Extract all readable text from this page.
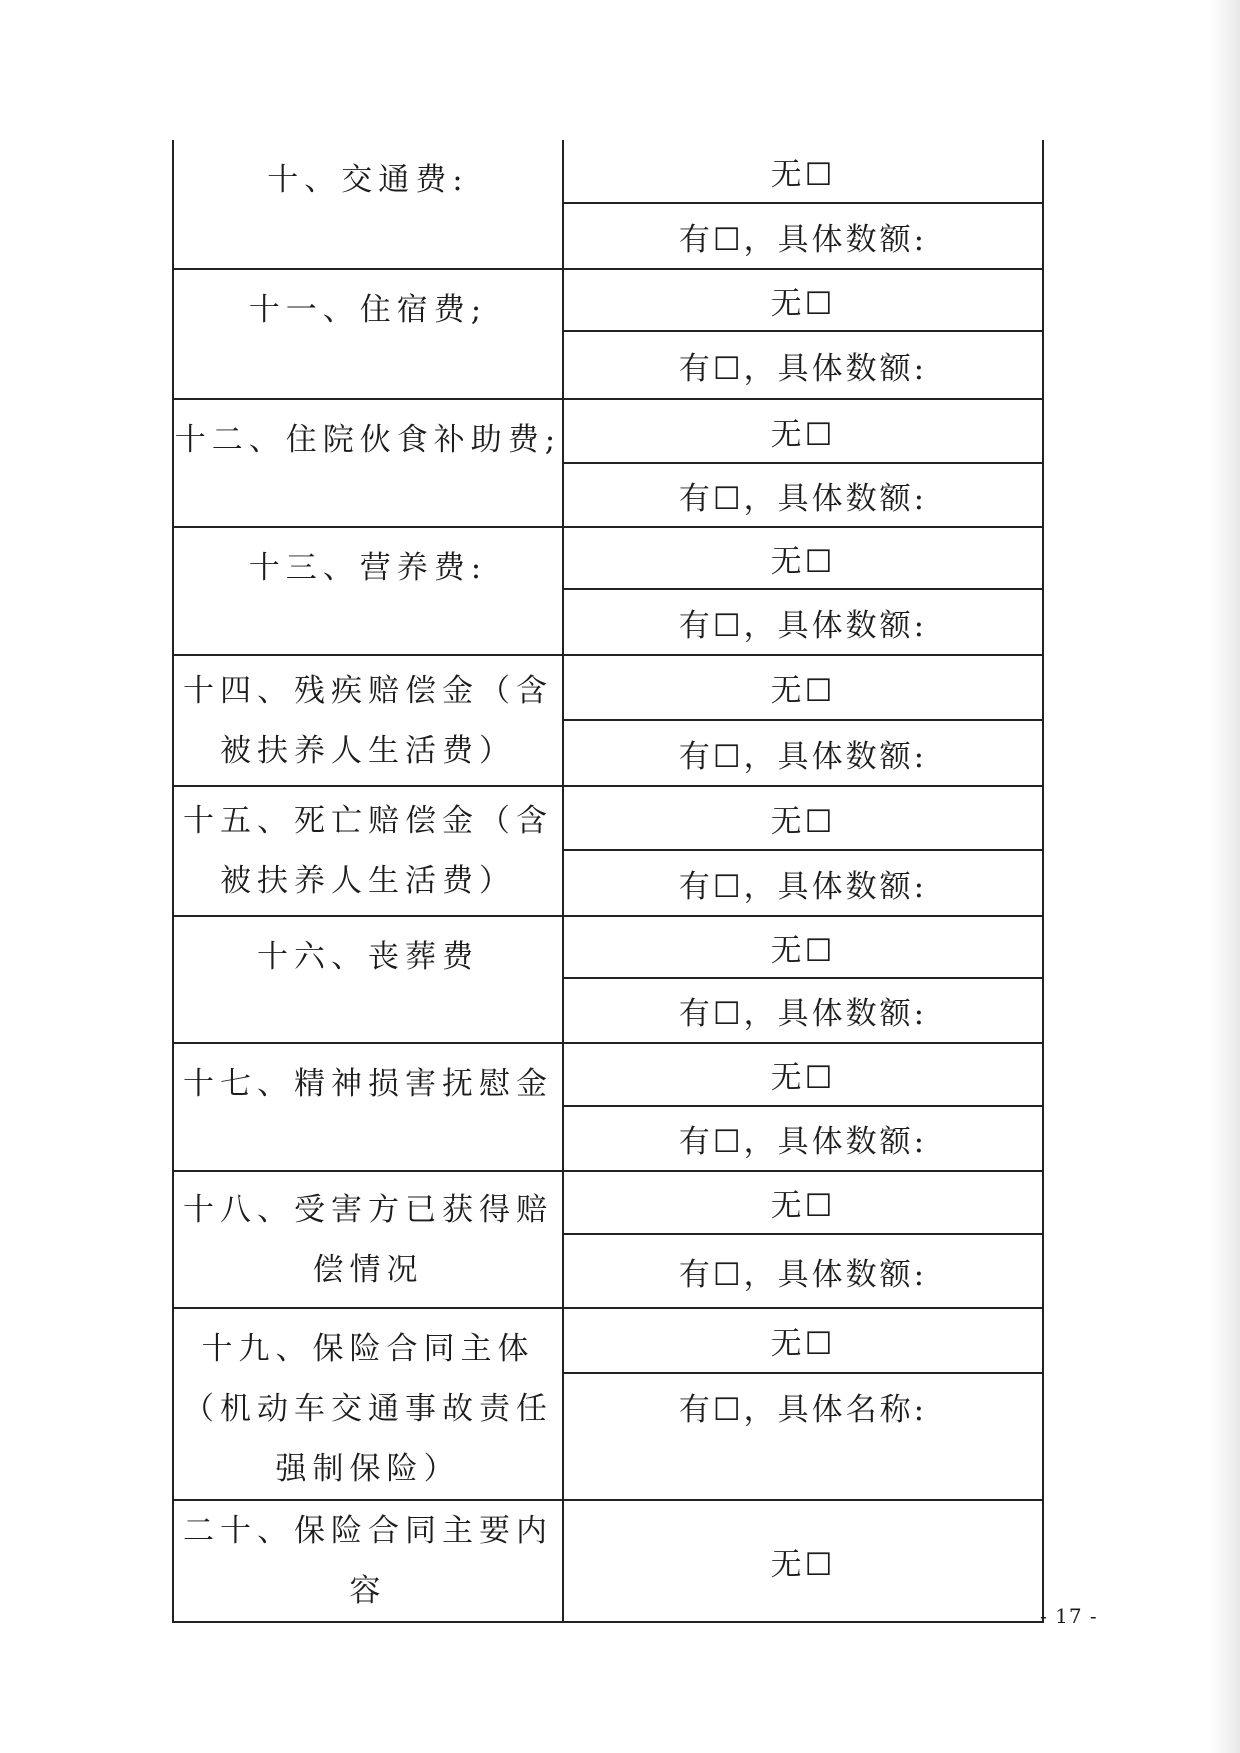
十、交通费:	无☐
	有☐，具体数额:
十一、住宿费;	无☐
	有☐，具体数额:
十二、住院伙食补助费;	无☐
	有☐，具体数额:
十三、营养费:	无☐
	有☐，具体数额:
十四、残疾赔偿金（含被扶养人生活费）	无☐
	有☐，具体数额:
十五、死亡赔偿金（含被扶养人生活费）	无☐
	有☐，具体数额:
十六、丧葬费	无☐
	有☐，具体数额:
十七、精神损害抚慰金	无☐
	有☐，具体数额:
十八、受害方已获得赔偿情况	无☐
	有☐，具体数额:
十九、保险合同主体（机动车交通事故责任强制保险）	无☐
	有☐，具体名称:
二十、保险合同主要内容	无☐
- 17 -
